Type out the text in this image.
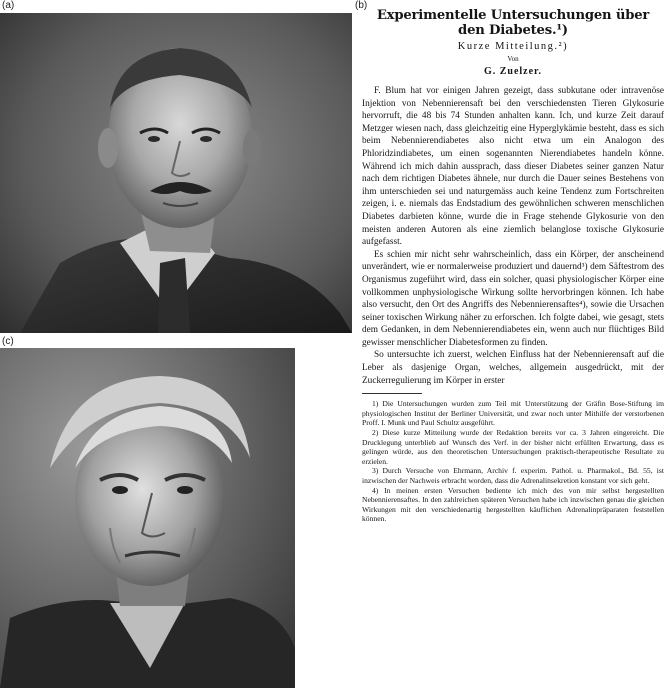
(a)	(b)
(c)
Experimentelle Untersuchungen über den Diabetes.¹)
Kurze Mitteilung.²)
Von
G. Zuelzer.

F. Blum hat vor einigen Jahren gezeigt, dass subkutane oder intravenöse Injektion von Nebennierensaft bei den verschiedensten Tieren Glykosurie hervorruft, die 48 bis 74 Stunden anhalten kann. Ich, und kurze Zeit darauf Metzger wiesen nach, dass gleichzeitig eine Hyperglykämie besteht, dass es sich beim Nebennierendiabetes also nicht etwa um ein Analogon des Phloridzindiabetes, um einen sogenannten Nierendiabetes handeln könne. Während ich mich dahin aussprach, dass dieser Diabetes seiner ganzen Natur nach dem richtigen Diabetes ähnele, nur durch die Dauer seines Bestehens von ihm unterschieden sei und naturgemäss auch keine Tendenz zum Fortschreiten zeigen, i. e. niemals das Endstadium des gewöhnlichen schweren menschlichen Diabetes darbieten könne, wurde die in Frage stehende Glykosurie von den meisten anderen Autoren als eine ziemlich belanglose toxische Glykosurie aufgefasst.

Es schien mir nicht sehr wahrscheinlich, dass ein Körper, der anscheinend unverändert, wie er normalerweise produziert und dauernd³) dem Säftestrom des Organismus zugeführt wird, dass ein solcher, quasi physiologischer Körper eine vollkommen unphysiologische Wirkung sollte hervorbringen können. Ich habe also versucht, den Ort des Angriffs des Nebennierensaftes⁴), sowie die Ursachen seiner toxischen Wirkung näher zu erforschen. Ich folgte dabei, wie gesagt, stets dem Gedanken, in dem Nebennierendiabetes ein, wenn auch nur flüchtiges Bild gewisser menschlicher Diabetesformen zu finden.

So untersuchte ich zuerst, welchen Einfluss hat der Nebennierensaft auf die Leber als dasjenige Organ, welches, allgemein ausgedrückt, mit der Zuckerregulierung im Körper in erster

1) Die Untersuchungen wurden zum Teil mit Unterstützung der Gräfin Bose-Stiftung im physiologischen Institut der Berliner Universität, und zwar noch unter Mithilfe der verstorbenen Proff. I. Munk und Paul Schultz ausgeführt.

2) Diese kurze Mitteilung wurde der Redaktion bereits vor ca. 3 Jahren eingereicht. Die Drucklegung unterblieb auf Wunsch des Verf. in der bisher nicht erfüllten Erwartung, dass es gelingen würde, aus den theoretischen Untersuchungen praktisch-therapeutische Resultate zu erzielen.

3) Durch Versuche von Ehrmann, Archiv f. experim. Pathol. u. Pharmakol., Bd. 55, ist inzwischen der Nachweis erbracht worden, dass die Adrenalinsekretion konstant vor sich geht.

4) In meinen ersten Versuchen bediente ich mich des von mir selbst hergestellten Nebennierensaftes. In den zahlreichen späteren Versuchen habe ich inzwischen genau die gleichen Wirkungen mit den verschiedenartig hergestellten käuflichen Adrenalinpräparaten feststellen können.
